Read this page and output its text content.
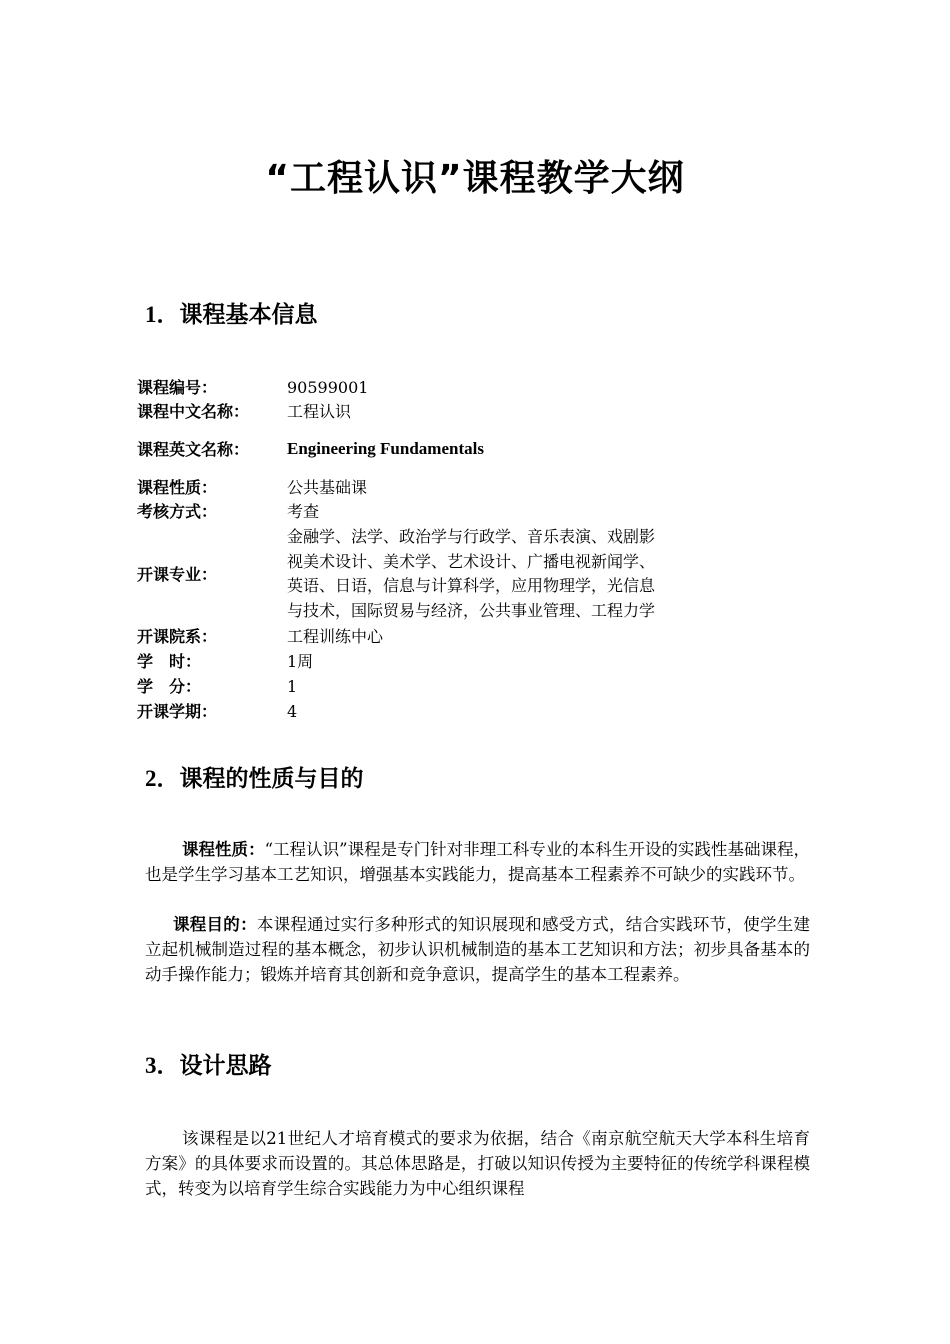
“工程认识”课程教学大纲
1．课程基本信息
课程编号：	90599001
课程中文名称：	工程认识
课程英文名称：	Engineering Fundamentals
课程性质：	公共基础课
考核方式：	考查
开课专业：
金融学、法学、政治学与行政学、音乐表演、戏剧影
视美术设计、美术学、艺术设计、广播电视新闻学、
英语、日语，信息与计算科学，应用物理学，光信息
与技术，国际贸易与经济，公共事业管理、工程力学
开课院系：	工程训练中心
学　时：	1周
学　分：	1
开课学期：	4
2．课程的性质与目的
课程性质：“工程认识”课程是专门针对非理工科专业的本科生开设的实践性基础课程，也是学生学习基本工艺知识，增强基本实践能力，提高基本工程素养不可缺少的实践环节。
课程目的：本课程通过实行多种形式的知识展现和感受方式，结合实践环节，使学生建立起机械制造过程的基本概念，初步认识机械制造的基本工艺知识和方法；初步具备基本的动手操作能力；锻炼并培育其创新和竞争意识，提高学生的基本工程素养。
3．设计思路
该课程是以21世纪人才培育模式的要求为依据，结合《南京航空航天大学本科生培育方案》的具体要求而设置的。其总体思路是，打破以知识传授为主要特征的传统学科课程模式，转变为以培育学生综合实践能力为中心组织课程
